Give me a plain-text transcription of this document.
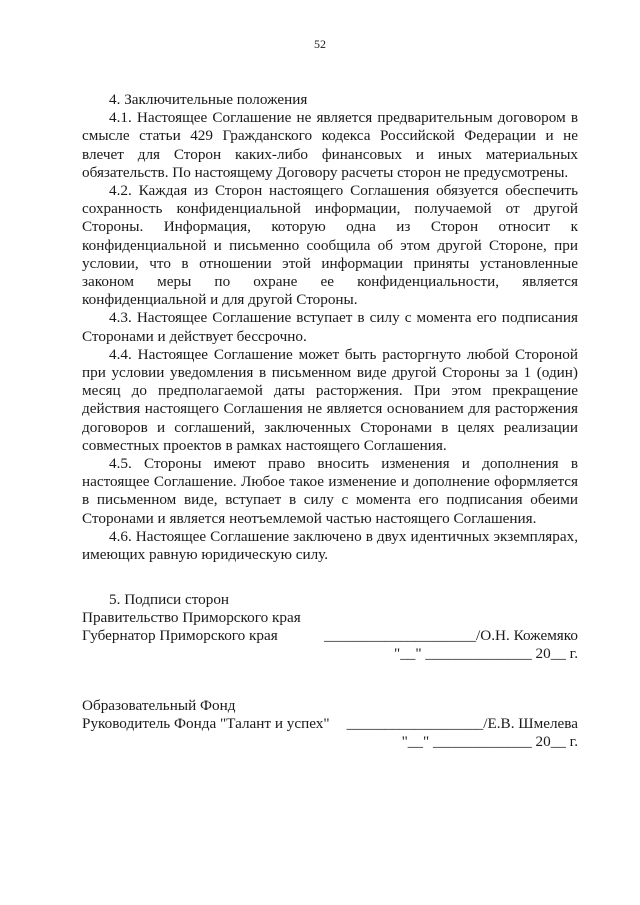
52

4. Заключительные положения

4.1. Настоящее Соглашение не является предварительным договором в смысле статьи 429 Гражданского кодекса Российской Федерации и не влечет для Сторон каких-либо финансовых и иных материальных обязательств. По настоящему Договору расчеты сторон не предусмотрены.

4.2. Каждая из Сторон настоящего Соглашения обязуется обеспечить сохранность конфиденциальной информации, получаемой от другой Стороны. Информация, которую одна из Сторон относит к конфиденциальной и письменно сообщила об этом другой Стороне, при условии, что в отношении этой информации приняты установленные законом меры по охране ее конфиденциальности, является конфиденциальной и для другой Стороны.

4.3. Настоящее Соглашение вступает в силу с момента его подписания Сторонами и действует бессрочно.

4.4. Настоящее Соглашение может быть расторгнуто любой Стороной при условии уведомления в письменном виде другой Стороны за 1 (один) месяц до предполагаемой даты расторжения. При этом прекращение действия настоящего Соглашения не является основанием для расторжения договоров и соглашений, заключенных Сторонами в целях реализации совместных проектов в рамках настоящего Соглашения.

4.5. Стороны имеют право вносить изменения и дополнения в настоящее Соглашение. Любое такое изменение и дополнение оформляется в письменном виде, вступает в силу с момента его подписания обеими Сторонами и является неотъемлемой частью настоящего Соглашения.

4.6. Настоящее Соглашение заключено в двух идентичных экземплярах, имеющих равную юридическую силу.

5. Подписи сторон

Правительство Приморского края
Губернатор Приморского края	____________________/О.Н. Кожемяко
"__" ______________ 20__ г.
Образовательный Фонд
Руководитель Фонда "Талант и успех" __________________/Е.В. Шмелева
"__" _____________ 20__ г.
